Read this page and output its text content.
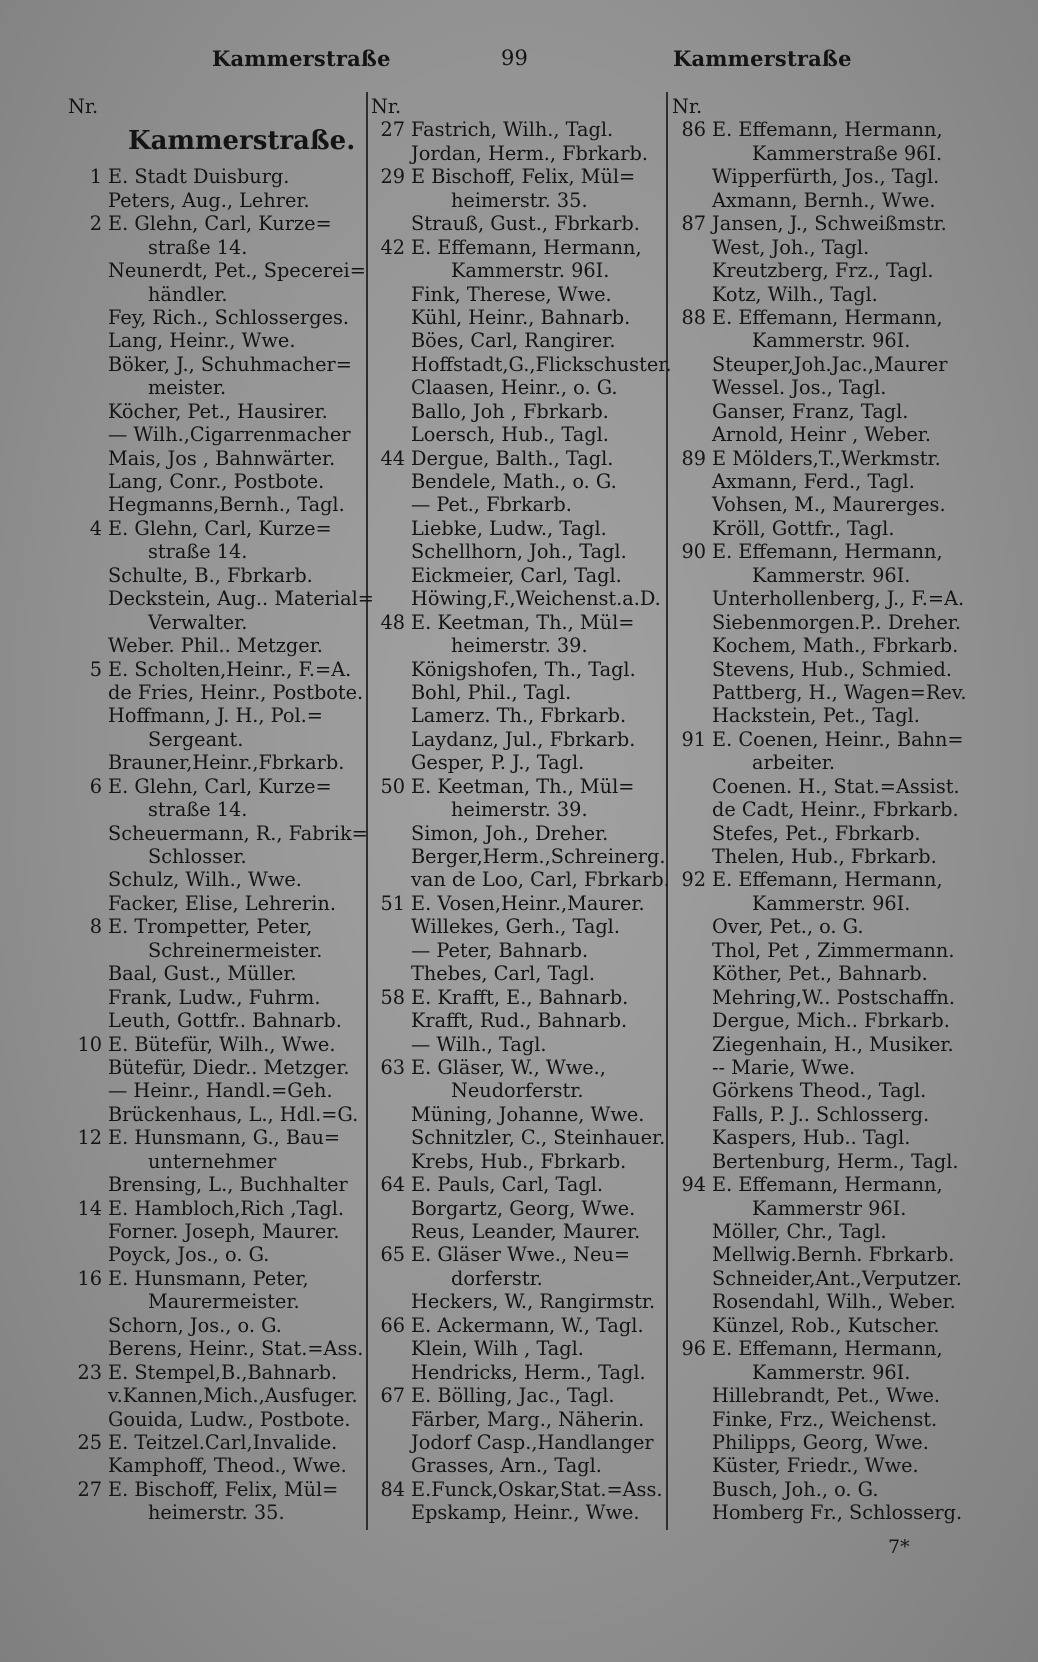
Kammerstraße	99	Kammerstraße
Nr.
Kammerstraße.
1 E. Stadt Duisburg.
Peters, Aug., Lehrer.
2 E. Glehn, Carl, Kurze=
straße 14.
Neunerdt, Pet., Specerei=
händler.
Fey, Rich., Schlosserges.
Lang, Heinr., Wwe.
Böker, J., Schuhmacher=
meister.
Köcher, Pet., Hausirer.
— Wilh.,Cigarrenmacher
Mais, Jos , Bahnwärter.
Lang, Conr., Postbote.
Hegmanns,Bernh., Tagl.
4 E. Glehn, Carl, Kurze=
straße 14.
Schulte, B., Fbrkarb.
Deckstein, Aug.. Material=
Verwalter.
Weber. Phil.. Metzger.
5 E. Scholten,Heinr., F.=A.
de Fries, Heinr., Postbote.
Hoffmann, J. H., Pol.=
Sergeant.
Brauner,Heinr.,Fbrkarb.
6 E. Glehn, Carl, Kurze=
straße 14.
Scheuermann, R., Fabrik=
Schlosser.
Schulz, Wilh., Wwe.
Facker, Elise, Lehrerin.
8 E. Trompetter, Peter,
Schreinermeister.
Baal, Gust., Müller.
Frank, Ludw., Fuhrm.
Leuth, Gottfr.. Bahnarb.
10 E. Bütefür, Wilh., Wwe.
Bütefür, Diedr.. Metzger.
— Heinr., Handl.=Geh.
Brückenhaus, L., Hdl.=G.
12 E. Hunsmann, G., Bau=
unternehmer
Brensing, L., Buchhalter
14 E. Hambloch,Rich ,Tagl.
Forner. Joseph, Maurer.
Poyck, Jos., o. G.
16 E. Hunsmann, Peter,
Maurermeister.
Schorn, Jos., o. G.
Berens, Heinr., Stat.=Ass.
23 E. Stempel,B.,Bahnarb.
v.Kannen,Mich.,Ausfuger.
Gouida, Ludw., Postbote.
25 E. Teitzel.Carl,Invalide.
Kamphoff, Theod., Wwe.
27 E. Bischoff, Felix, Mül=
heimerstr. 35.
Nr.
27 Fastrich, Wilh., Tagl.
Jordan, Herm., Fbrkarb.
29 E Bischoff, Felix, Mül=
heimerstr. 35.
Strauß, Gust., Fbrkarb.
42 E. Effemann, Hermann,
Kammerstr. 96I.
Fink, Therese, Wwe.
Kühl, Heinr., Bahnarb.
Böes, Carl, Rangirer.
Hoffstadt,G.,Flickschuster.
Claasen, Heinr., o. G.
Ballo, Joh , Fbrkarb.
Loersch, Hub., Tagl.
44 Dergue, Balth., Tagl.
Bendele, Math., o. G.
— Pet., Fbrkarb.
Liebke, Ludw., Tagl.
Schellhorn, Joh., Tagl.
Eickmeier, Carl, Tagl.
Höwing,F.,Weichenst.a.D.
48 E. Keetman, Th., Mül=
heimerstr. 39.
Königshofen, Th., Tagl.
Bohl, Phil., Tagl.
Lamerz. Th., Fbrkarb.
Laydanz, Jul., Fbrkarb.
Gesper, P. J., Tagl.
50 E. Keetman, Th., Mül=
heimerstr. 39.
Simon, Joh., Dreher.
Berger,Herm.,Schreinerg.
van de Loo, Carl, Fbrkarb.
51 E. Vosen,Heinr.,Maurer.
Willekes, Gerh., Tagl.
— Peter, Bahnarb.
Thebes, Carl, Tagl.
58 E. Krafft, E., Bahnarb.
Krafft, Rud., Bahnarb.
— Wilh., Tagl.
63 E. Gläser, W., Wwe.,
Neudorferstr.
Müning, Johanne, Wwe.
Schnitzler, C., Steinhauer.
Krebs, Hub., Fbrkarb.
64 E. Pauls, Carl, Tagl.
Borgartz, Georg, Wwe.
Reus, Leander, Maurer.
65 E. Gläser Wwe., Neu=
dorferstr.
Heckers, W., Rangirmstr.
66 E. Ackermann, W., Tagl.
Klein, Wilh , Tagl.
Hendricks, Herm., Tagl.
67 E. Bölling, Jac., Tagl.
Färber, Marg., Näherin.
Jodorf Casp.,Handlanger
Grasses, Arn., Tagl.
84 E.Funck,Oskar,Stat.=Ass.
Epskamp, Heinr., Wwe.
Nr.
86 E. Effemann, Hermann,
Kammerstraße 96I.
Wipperfürth, Jos., Tagl.
Axmann, Bernh., Wwe.
87 Jansen, J., Schweißmstr.
West, Joh., Tagl.
Kreutzberg, Frz., Tagl.
Kotz, Wilh., Tagl.
88 E. Effemann, Hermann,
Kammerstr. 96I.
Steuper,Joh.Jac.,Maurer
Wessel. Jos., Tagl.
Ganser, Franz, Tagl.
Arnold, Heinr , Weber.
89 E Mölders,T.,Werkmstr.
Axmann, Ferd., Tagl.
Vohsen, M., Maurerges.
Kröll, Gottfr., Tagl.
90 E. Effemann, Hermann,
Kammerstr. 96I.
Unterhollenberg, J., F.=A.
Siebenmorgen.P.. Dreher.
Kochem, Math., Fbrkarb.
Stevens, Hub., Schmied.
Pattberg, H., Wagen=Rev.
Hackstein, Pet., Tagl.
91 E. Coenen, Heinr., Bahn=
arbeiter.
Coenen. H., Stat.=Assist.
de Cadt, Heinr., Fbrkarb.
Stefes, Pet., Fbrkarb.
Thelen, Hub., Fbrkarb.
92 E. Effemann, Hermann,
Kammerstr. 96I.
Over, Pet., o. G.
Thol, Pet , Zimmermann.
Köther, Pet., Bahnarb.
Mehring,W.. Postschaffn.
Dergue, Mich.. Fbrkarb.
Ziegenhain, H., Musiker.
-- Marie, Wwe.
Görkens Theod., Tagl.
Falls, P. J.. Schlosserg.
Kaspers, Hub.. Tagl.
Bertenburg, Herm., Tagl.
94 E. Effemann, Hermann,
Kammerstr 96I.
Möller, Chr., Tagl.
Mellwig.Bernh. Fbrkarb.
Schneider,Ant.,Verputzer.
Rosendahl, Wilh., Weber.
Künzel, Rob., Kutscher.
96 E. Effemann, Hermann,
Kammerstr. 96I.
Hillebrandt, Pet., Wwe.
Finke, Frz., Weichenst.
Philipps, Georg, Wwe.
Küster, Friedr., Wwe.
Busch, Joh., o. G.
Homberg Fr., Schlosserg.
7*
